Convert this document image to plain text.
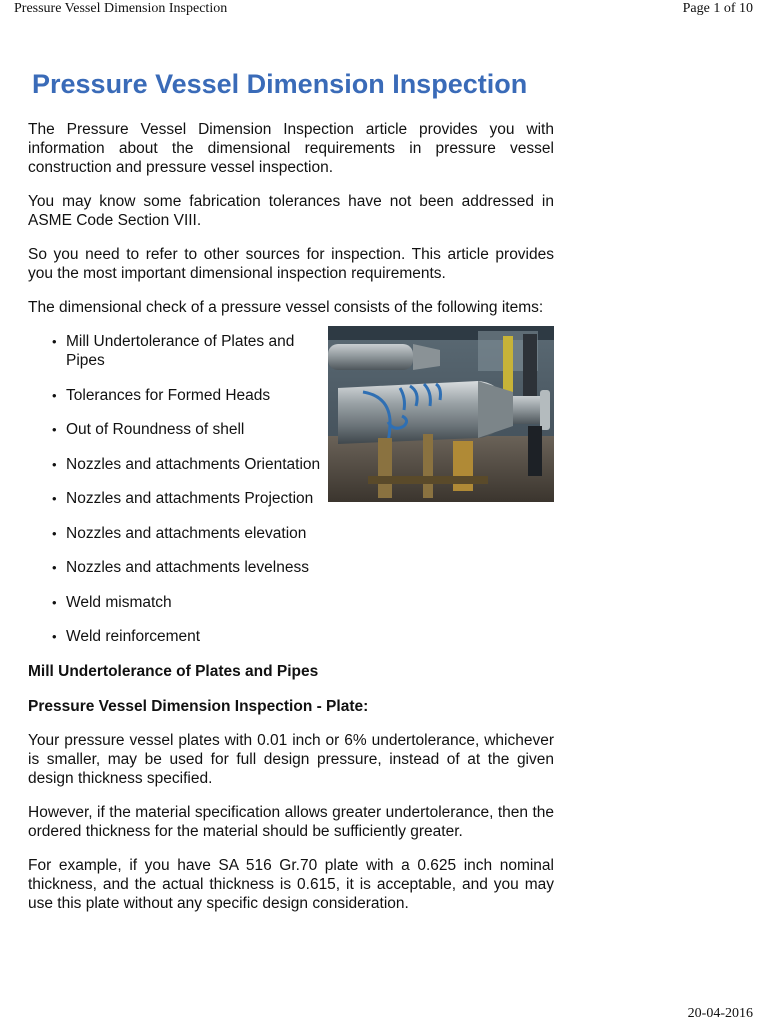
Pressure Vessel Dimension Inspection	Page 1 of 10
Pressure Vessel Dimension Inspection

The Pressure Vessel Dimension Inspection article provides you with information about the dimensional requirements in pressure vessel construction and pressure vessel inspection.

You may know some fabrication tolerances have not been addressed in ASME Code Section VIII.

So you need to refer to other sources for inspection. This article provides you the most important dimensional inspection requirements.

The dimensional check of a pressure vessel consists of the following items:

• Mill Undertolerance of Plates and Pipes
• Tolerances for Formed Heads
• Out of Roundness of shell
• Nozzles and attachments Orientation
• Nozzles and attachments Projection
• Nozzles and attachments elevation
• Nozzles and attachments levelness
• Weld mismatch
• Weld reinforcement

Mill Undertolerance of Plates and Pipes

Pressure Vessel Dimension Inspection - Plate:

Your pressure vessel plates with 0.01 inch or 6% undertolerance, whichever is smaller, may be used for full design pressure, instead of at the given design thickness specified.

However, if the material specification allows greater undertolerance, then the ordered thickness for the material should be sufficiently greater.

For example, if you have SA 516 Gr.70 plate with a 0.625 inch nominal thickness, and the actual thickness is 0.615, it is acceptable, and you may use this plate without any specific design consideration.

20-04-2016
